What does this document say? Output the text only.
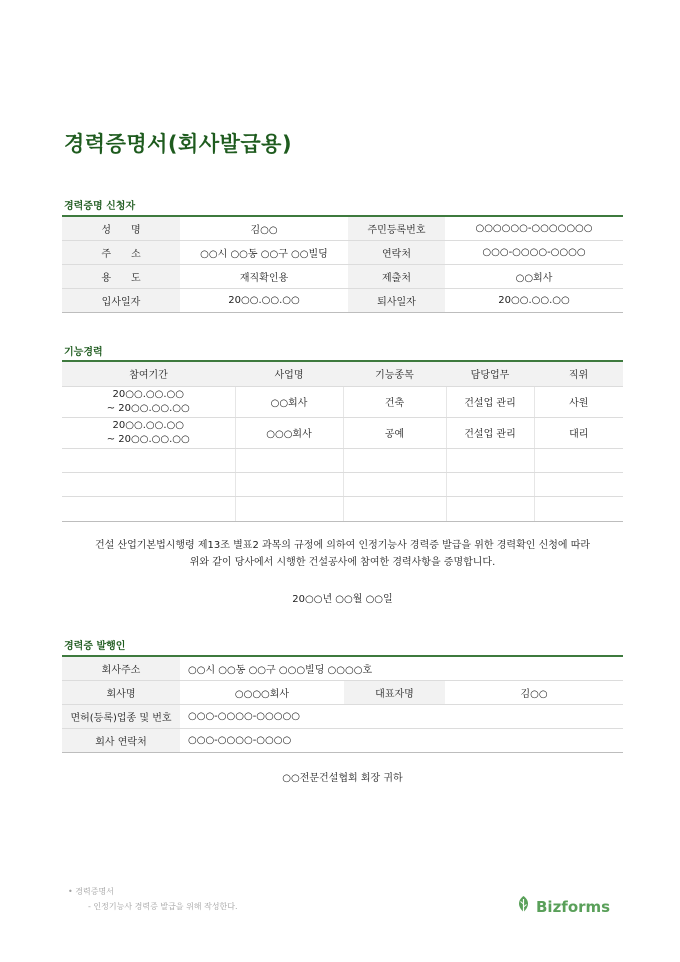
경력증명서(회사발급용)
경력증명 신청자
성　　명	김○○	주민등록번호	○○○○○○-○○○○○○○
주　　소	○○시 ○○동 ○○구 ○○빌딩	연락처	○○○-○○○○-○○○○
용　　도	재직확인용	제출처	○○회사
입사일자	20○○.○○.○○	퇴사일자	20○○.○○.○○
기능경력
참여기간	사업명	기능종목	담당업무	직위

20○○.○○.○○
~ 20○○.○○.○○	○○회사	건축	건설업 관리	사원

20○○.○○.○○
~ 20○○.○○.○○	○○○회사	공예	건설업 관리	대리

건설 산업기본법시행령 제13조 별표2 과목의 규정에 의하여 인정기능사 경력증 발급을 위한 경력확인 신청에 따라
위와 같이 당사에서 시행한 건설공사에 참여한 경력사항을 증명합니다.
20○○년 ○○월 ○○일
경력증 발행인
회사주소	○○시 ○○동 ○○구 ○○○빌딩 ○○○○호		
회사명	○○○○회사	대표자명	김○○
면허(등록)업종 및 번호	○○○-○○○○-○○○○○		
회사 연락처	○○○-○○○○-○○○○		
○○전문건설협회 회장 귀하
• 경력증명서
- 인정기능사 경력증 발급을 위해 작성한다.	Bizforms
